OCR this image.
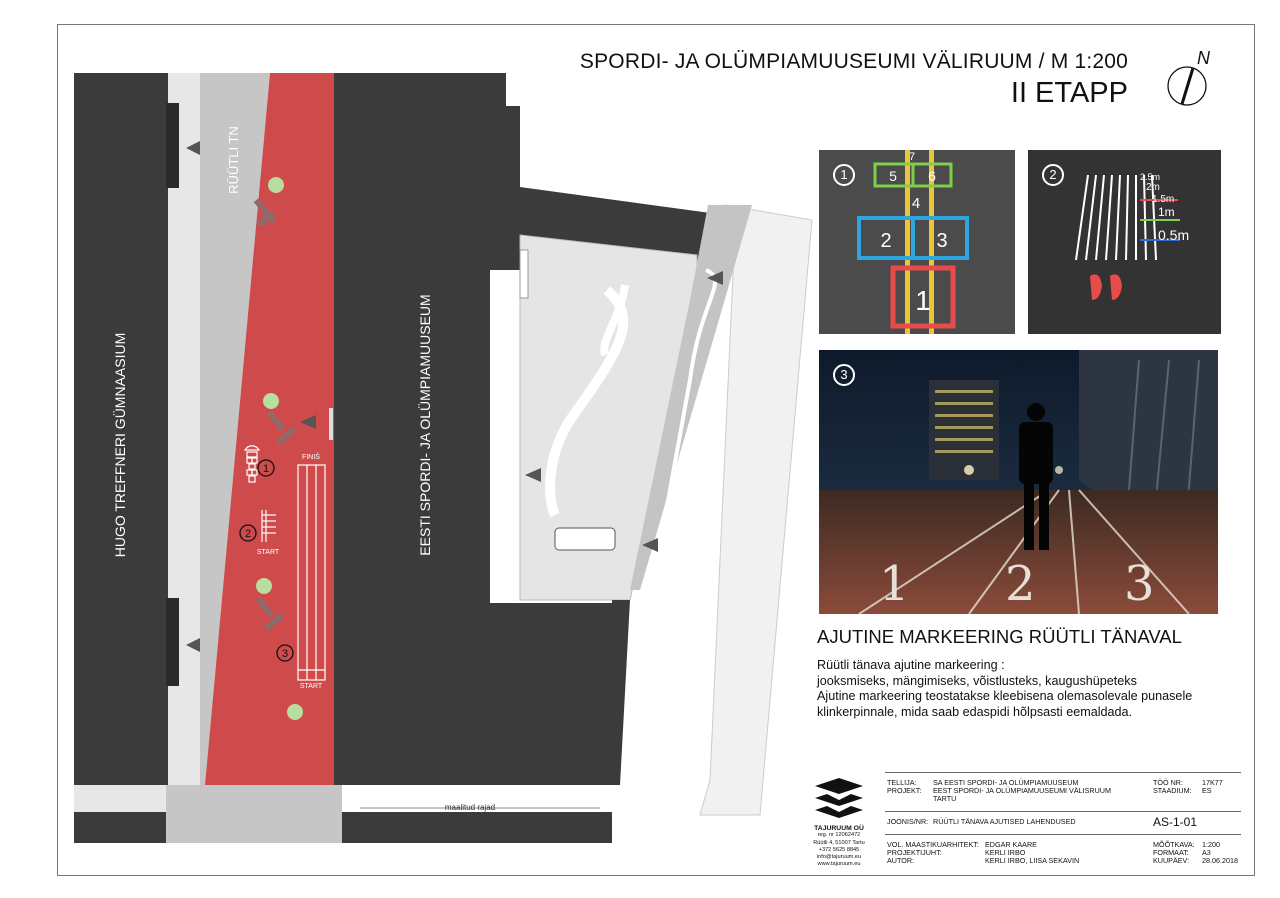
1
2
3
FINIŠ
START
START
maalitud rajad
RÜÜTLI TN
HUGO TREFFNERI GÜMNAASIUM	EESTI SPORDI- JA OLÜMPIAMUUSEUM
SPORDI- JA OLÜMPIAMUUSEUMI VÄLIRUUM / M 1:200
II ETAPP
N
7
5 6
4
2 3
1
1	2.5m
2m
1.5m
1m
0.5m
2
1 2 3
3
AJUTINE MARKEERING RÜÜTLI TÄNAVAL
Rüütli tänava ajutine markeering :
jooksmiseks, mängimiseks, võistlusteks, kaugushüpeteks
Ajutine markeering teostatakse kleebisena olemasolevale punasele
klinkerpinnale, mida saab edaspidi hõlpsasti eemaldada.
TAJURUUM OÜ
reg. nr 12062472
Rüütli 4, 51007 Tartu
+372 5625 8845
info@tajuruum.eu
www.tajuruum.eu
TELLIJA: SA EESTI SPORDI- JA OLÜMPIAMUUSEUM
PROJEKT: EEST SPORDI- JA OLÜMPIAMUUSEUMI VÄLISRUUM
TARTU
TÖÖ NR:	17K77
STAADIUM: ES
JOONIS/NR: RÜÜTLI TÄNAVA AJUTISED LAHENDUSED	AS-1-01
VOL. MAASTIKUARHITEKT: EDGAR KAARE
PROJEKTIJUHT:	KERLI IRBO
AUTOR:	KERLI IRBO, LIISA SEKAVIN
MÕÕTKAVA: 1:200
FORMAAT: A3
KUUPÄEV: 28.06.2018
